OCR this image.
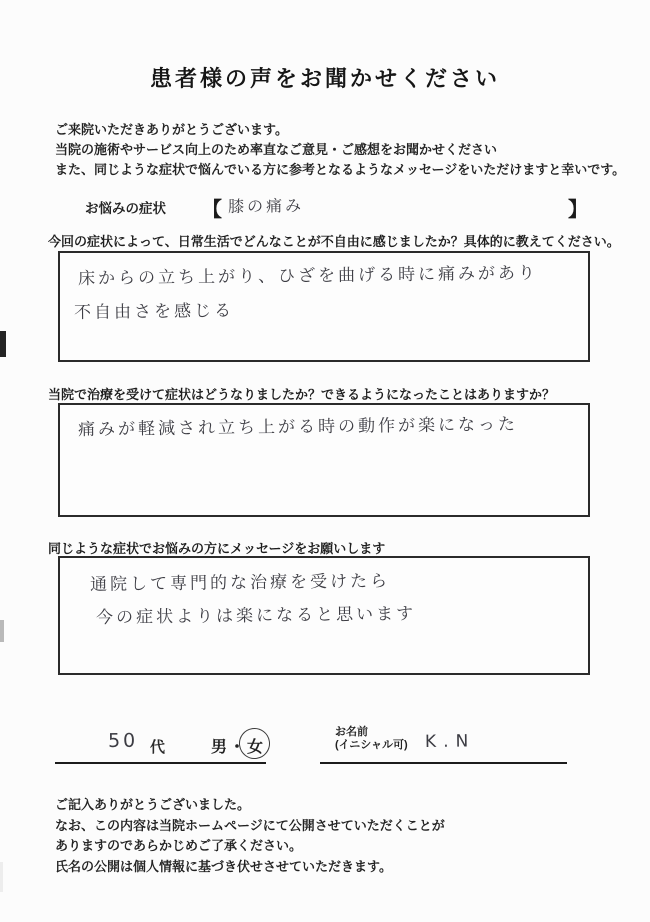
患者様の声をお聞かせください
ご来院いただきありがとうございます。
当院の施術やサービス向上のため率直なご意見・ご感想をお聞かせください
また、同じような症状で悩んでいる方に参考となるようなメッセージをいただけますと幸いです。
お悩みの症状 【 膝の痛み	】
今回の症状によって、日常生活でどんなことが不自由に感じましたか？具体的に教えてください。
床からの立ち上がり、ひざを曲げる時に痛みがあり
不自由さを感じる
当院で治療を受けて症状はどうなりましたか？できるようになったことはありますか？
痛みが軽減され立ち上がる時の動作が楽になった
同じような症状でお悩みの方にメッセージをお願いします
通院して専門的な治療を受けたら
今の症状よりは楽になると思います
50 代	男・女
お名前
(イニシャル可) K.N
ご記入ありがとうございました。
なお、この内容は当院ホームページにて公開させていただくことが
ありますのであらかじめご了承ください。
氏名の公開は個人情報に基づき伏せさせていただきます。
